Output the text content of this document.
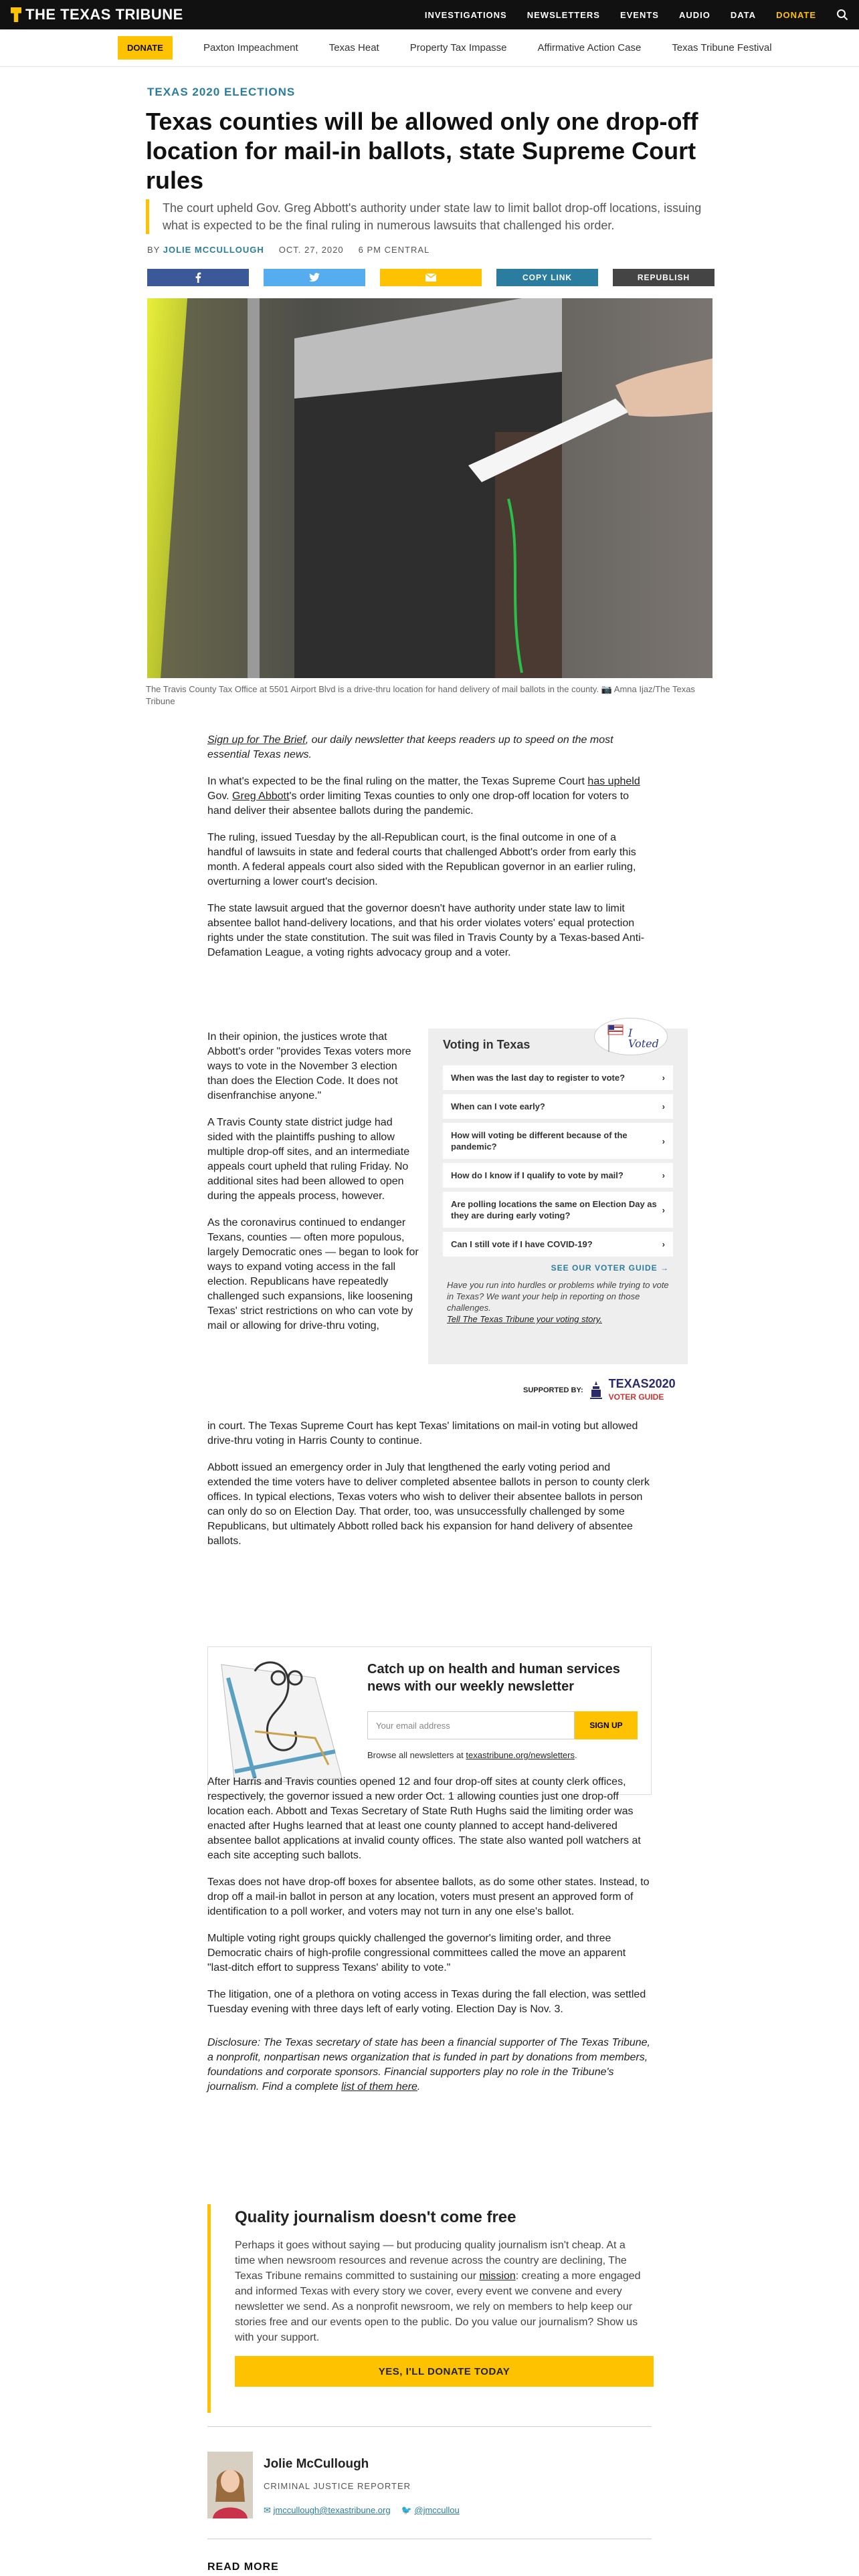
THE TEXAS TRIBUNE	INVESTIGATIONS NEWSLETTERS EVENTS AUDIO DATA DONATE
DONATE	Paxton Impeachment	Texas Heat	Property Tax Impasse	Affirmative Action Case	Texas Tribune Festival
TEXAS 2020 ELECTIONS
Texas counties will be allowed only one drop-off location for mail-in ballots, state Supreme Court rules
The court upheld Gov. Greg Abbott's authority under state law to limit ballot drop-off locations, issuing what is expected to be the final ruling in numerous lawsuits that challenged his order.
BY JOLIE MCCULLOUGH OCT. 27, 2020 6 PM CENTRAL
COPY LINK	REPUBLISH
The Travis County Tax Office at 5501 Airport Blvd is a drive-thru location for hand delivery of mail ballots in the county. 📷 Amna Ijaz/The Texas Tribune

Sign up for The Brief, our daily newsletter that keeps readers up to speed on the most essential Texas news.

In what's expected to be the final ruling on the matter, the Texas Supreme Court has upheld Gov. Greg Abbott's order limiting Texas counties to only one drop-off location for voters to hand deliver their absentee ballots during the pandemic.

The ruling, issued Tuesday by the all-Republican court, is the final outcome in one of a handful of lawsuits in state and federal courts that challenged Abbott's order from early this month. A federal appeals court also sided with the Republican governor in an earlier ruling, overturning a lower court's decision.

The state lawsuit argued that the governor doesn't have authority under state law to limit absentee ballot hand-delivery locations, and that his order violates voters' equal protection rights under the state constitution. The suit was filed in Travis County by a Texas-based Anti-Defamation League, a voting rights advocacy group and a voter.

In their opinion, the justices wrote that Abbott's order "provides Texas voters more ways to vote in the November 3 election than does the Election Code. It does not disenfranchise anyone."

A Travis County state district judge had sided with the plaintiffs pushing to allow multiple drop-off sites, and an intermediate appeals court upheld that ruling Friday. No additional sites had been allowed to open during the appeals process, however.

As the coronavirus continued to endanger Texans, counties — often more populous, largely Democratic ones — began to look for ways to expand voting access in the fall election. Republicans have repeatedly challenged such expansions, like loosening Texas' strict restrictions on who can vote by mail or allowing for drive-thru voting,

Voting in Texas
When was the last day to register to vote?	›
When can I vote early?	›
How will voting be different because of the pandemic?
›
How do I know if I qualify to vote by mail?	›
Are polling locations the same on Election Day as they are during early voting?
›
Can I still vote if I have COVID-19?	›
SEE OUR VOTER GUIDE →
Have you run into hurdles or problems while trying to vote in Texas? We want your help in reporting on those challenges.
Tell The Texas Tribune your voting story.
I Voted
SUPPORTED BY: TEXAS2020
VOTER GUIDE

in court. The Texas Supreme Court has kept Texas' limitations on mail-in voting but allowed drive-thru voting in Harris County to continue.

Abbott issued an emergency order in July that lengthened the early voting period and extended the time voters have to deliver completed absentee ballots in person to county clerk offices. In typical elections, Texas voters who wish to deliver their absentee ballots in person can only do so on Election Day. That order, too, was unsuccessfully challenged by some Republicans, but ultimately Abbott rolled back his expansion for hand delivery of absentee ballots.

Catch up on health and human services news with our weekly newsletter
Your email address	SIGN UP
Browse all newsletters at texastribune.org/newsletters.

After Harris and Travis counties opened 12 and four drop-off sites at county clerk offices, respectively, the governor issued a new order Oct. 1 allowing counties just one drop-off location each. Abbott and Texas Secretary of State Ruth Hughs said the limiting order was enacted after Hughs learned that at least one county planned to accept hand-delivered absentee ballot applications at invalid county offices. The state also wanted poll watchers at each site accepting such ballots.

Texas does not have drop-off boxes for absentee ballots, as do some other states. Instead, to drop off a mail-in ballot in person at any location, voters must present an approved form of identification to a poll worker, and voters may not turn in any one else's ballot.

Multiple voting right groups quickly challenged the governor's limiting order, and three Democratic chairs of high-profile congressional committees called the move an apparent "last-ditch effort to suppress Texans' ability to vote."

The litigation, one of a plethora on voting access in Texas during the fall election, was settled Tuesday evening with three days left of early voting. Election Day is Nov. 3.

Disclosure: The Texas secretary of state has been a financial supporter of The Texas Tribune, a nonprofit, nonpartisan news organization that is funded in part by donations from members, foundations and corporate sponsors. Financial supporters play no role in the Tribune's journalism. Find a complete list of them here.

Quality journalism doesn't come free
Perhaps it goes without saying — but producing quality journalism isn't cheap. At a time when newsroom resources and revenue across the country are declining, The Texas Tribune remains committed to sustaining our mission: creating a more engaged and informed Texas with every story we cover, every event we convene and every newsletter we send. As a nonprofit newsroom, we rely on members to help keep our stories free and our events open to the public. Do you value our journalism? Show us with your support.
YES, I'LL DONATE TODAY
Jolie McCullough
CRIMINAL JUSTICE REPORTER
✉ jmccullough@texastribune.org 🐦 @jmccullou
READ MORE
